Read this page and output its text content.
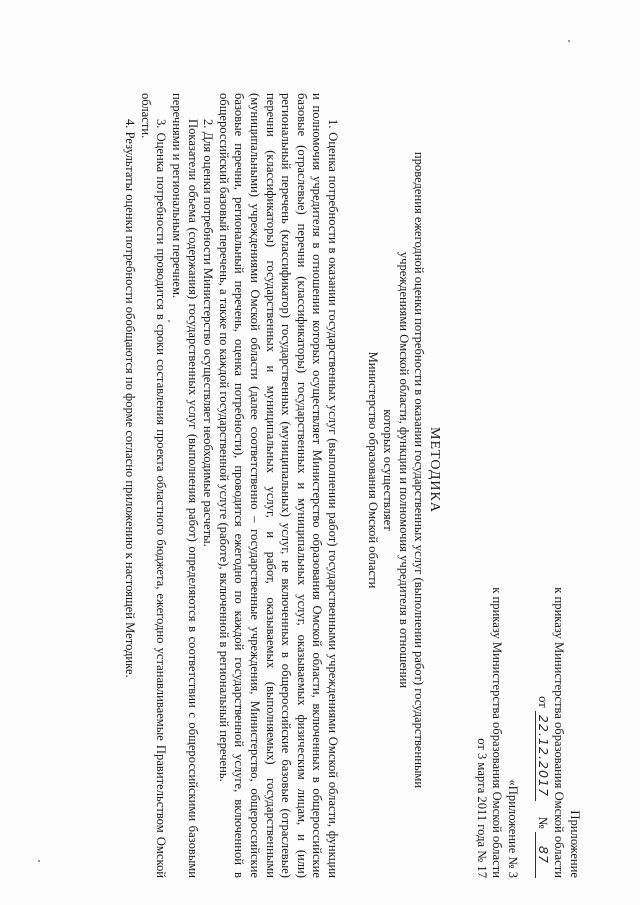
Приложение
к приказу Министерства образования Омской области
от 22.12.2017     № 87
«Приложение № 3
к приказу Министерства образования Омской области
от 3 марта 2011 года № 17
МЕТОДИКА
проведения ежегодной оценки потребности в оказании государственных услуг (выполнении работ) государственными
учреждениями Омской области, функции и полномочия учредителя в отношении которых осуществляет
Министерство образования Омской области

1. Оценка потребности в оказании государственных услуг (выполнении работ) государственными учреждениями Омской области, функции и полномочия учредителя в отношении которых осуществляет Министерство образования Омской области, включенных в общероссийские базовые (отраслевые) перечни (классификаторы) государственных и муниципальных услуг, оказываемых физическим лицам, и (или) региональный перечень (классификатор) государственных (муниципальных) услуг, не включенных в общероссийские базовые (отраслевые) перечни (классификаторы) государственных и муниципальных услуг, и работ, оказываемых (выполняемых) государственными (муниципальными) учреждениями Омской области (далее соответственно – государственные учреждения, Министерство, общероссийские базовые перечни, региональный перечень, оценка потребности), проводится ежегодно по каждой государственной услуге, включенной в общероссийский базовый перечень, а также по каждой государственной услуге (работе), включенной в региональный перечень.

2. Для оценки потребности Министерство осуществляет необходимые расчеты.

Показатели объема (содержания) государственных услуг (выполнения работ) определяются в соответствии с общероссийскими базовыми перечнями и региональным перечнем.

3. Оценка потребности проводится в сроки составления проекта областного бюджета, ежегодно устанавливаемые Правительством Омской области.

4. Результаты оценки потребности обобщаются по форме согласно приложению к настоящей Методике.
